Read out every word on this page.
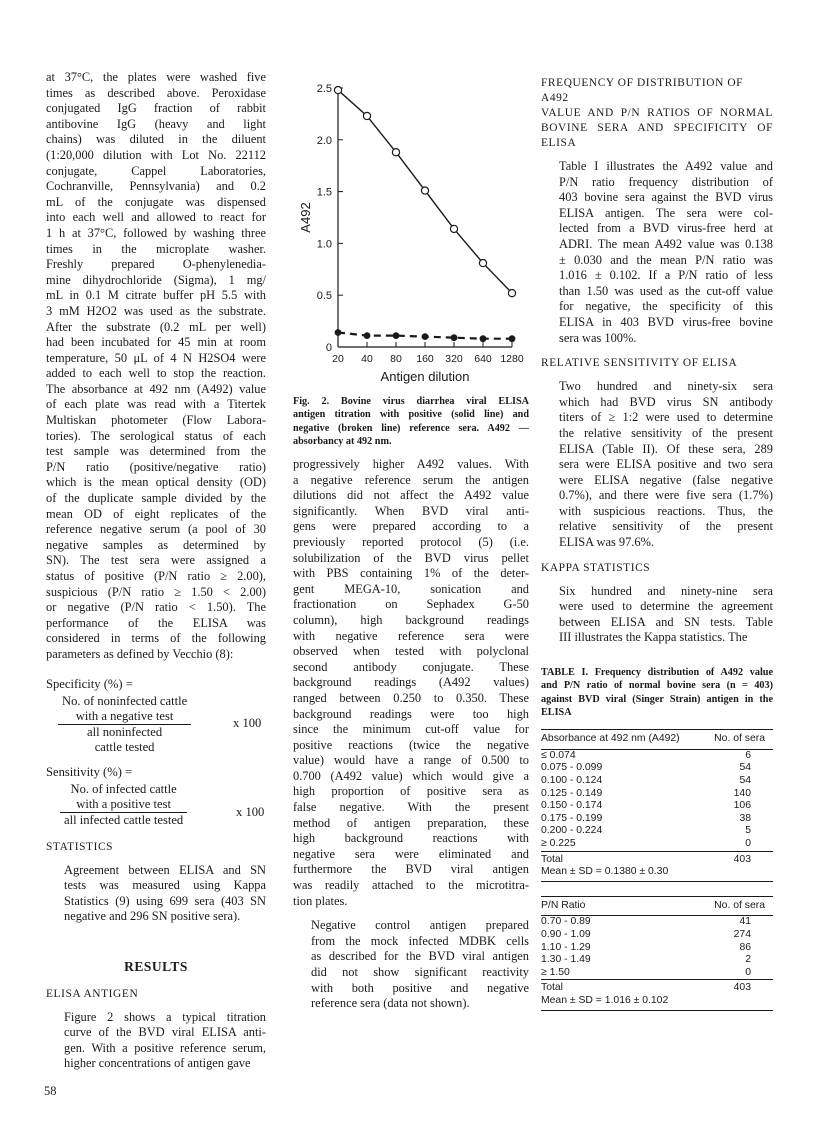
at 37°C, the plates were washed five
times as described above. Peroxidase
conjugated IgG fraction of rabbit
antibovine IgG (heavy and light
chains) was diluted in the diluent
(1:20,000 dilution with Lot No. 22112
conjugate, Cappel Laboratories,
Cochranville, Pennsylvania) and 0.2
mL of the conjugate was dispensed
into each well and allowed to react for
1 h at 37°C, followed by washing three
times in the microplate washer.
Freshly prepared O-phenylenedia-
mine dihydrochloride (Sigma), 1 mg/
mL in 0.1 M citrate buffer pH 5.5 with
3 mM H2O2 was used as the substrate.
After the substrate (0.2 mL per well)
had been incubated for 45 min at room
temperature, 50 μL of 4 N H2SO4 were
added to each well to stop the reaction.
The absorbance at 492 nm (A492) value
of each plate was read with a Titertek
Multiskan photometer (Flow Labora-
tories). The serological status of each
test sample was determined from the
P/N ratio (positive/negative ratio)
which is the mean optical density (OD)
of the duplicate sample divided by the
mean OD of eight replicates of the
reference negative serum (a pool of 30
negative samples as determined by
SN). The test sera were assigned a
status of positive (P/N ratio ≥ 2.00),
suspicious (P/N ratio ≥ 1.50 < 2.00)
or negative (P/N ratio < 1.50). The
performance of the ELISA was
considered in terms of the following
parameters as defined by Vecchio (8):

Specificity (%) =
No. of noninfected cattle
with a negative test
all noninfected
cattle tested
x 100
Sensitivity (%) =
No. of infected cattle
with a positive test
all infected cattle tested
x 100
STATISTICS

Agreement between ELISA and SN
tests was measured using Kappa
Statistics (9) using 699 sera (403 SN
negative and 296 SN positive sera).

RESULTS
ELISA ANTIGEN

Figure 2 shows a typical titration
curve of the BVD viral ELISA anti-
gen. With a positive reference serum,
higher concentrations of antigen gave

0
0.5
1.0
1.5
2.0
2.5
20 40 80 160 320 640 1280
Antigen dilution
A492
Fig. 2. Bovine virus diarrhea viral ELISA
antigen titration with positive (solid line) and
negative (broken line) reference sera. A492 —
absorbancy at 492 nm.

progressively higher A492 values. With
a negative reference serum the antigen
dilutions did not affect the A492 value
significantly. When BVD viral anti-
gens were prepared according to a
previously reported protocol (5) (i.e.
solubilization of the BVD virus pellet
with PBS containing 1% of the deter-
gent MEGA-10, sonication and
fractionation on Sephadex G-50
column), high background readings
with negative reference sera were
observed when tested with polyclonal
second antibody conjugate. These
background readings (A492 values)
ranged between 0.250 to 0.350. These
background readings were too high
since the minimum cut-off value for
positive reactions (twice the negative
value) would have a range of 0.500 to
0.700 (A492 value) which would give a
high proportion of positive sera as
false negative. With the present
method of antigen preparation, these
high background reactions with
negative sera were eliminated and
furthermore the BVD viral antigen
was readily attached to the microtitra-
tion plates.

Negative control antigen prepared
from the mock infected MDBK cells
as described for the BVD viral antigen
did not show significant reactivity
with both positive and negative
reference sera (data not shown).

FREQUENCY OF DISTRIBUTION OF A492
VALUE AND P/N RATIOS OF NORMAL
BOVINE SERA AND SPECIFICITY OF
ELISA

Table I illustrates the A492 value and
P/N ratio frequency distribution of
403 bovine sera against the BVD virus
ELISA antigen. The sera were col-
lected from a BVD virus-free herd at
ADRI. The mean A492 value was 0.138
± 0.030 and the mean P/N ratio was
1.016 ± 0.102. If a P/N ratio of less
than 1.50 was used as the cut-off value
for negative, the specificity of this
ELISA in 403 BVD virus-free bovine
sera was 100%.

RELATIVE SENSITIVITY OF ELISA

Two hundred and ninety-six sera
which had BVD virus SN antibody
titers of ≥ 1:2 were used to determine
the relative sensitivity of the present
ELISA (Table II). Of these sera, 289
sera were ELISA positive and two sera
were ELISA negative (false negative
0.7%), and there were five sera (1.7%)
with suspicious reactions. Thus, the
relative sensitivity of the present
ELISA was 97.6%.

KAPPA STATISTICS

Six hundred and ninety-nine sera
were used to determine the agreement
between ELISA and SN tests. Table
III illustrates the Kappa statistics. The

TABLE I. Frequency distribution of A492 value
and P/N ratio of normal bovine sera (n = 403)
against BVD viral (Singer Strain) antigen in the
ELISA
Absorbance at 492 nm (A492)	No. of sera
≤ 0.074	6
0.075 - 0.099	54
0.100 - 0.124	54
0.125 - 0.149	140
0.150 - 0.174	106
0.175 - 0.199	38
0.200 - 0.224	5
≥ 0.225	0
Total	403
Mean ± SD = 0.1380 ± 0.30	
P/N Ratio	No. of sera
0.70 - 0.89	41
0.90 - 1.09	274
1.10 - 1.29	86
1.30 - 1.49	2
≥ 1.50	0
Total	403
Mean ± SD = 1.016 ± 0.102	
58
